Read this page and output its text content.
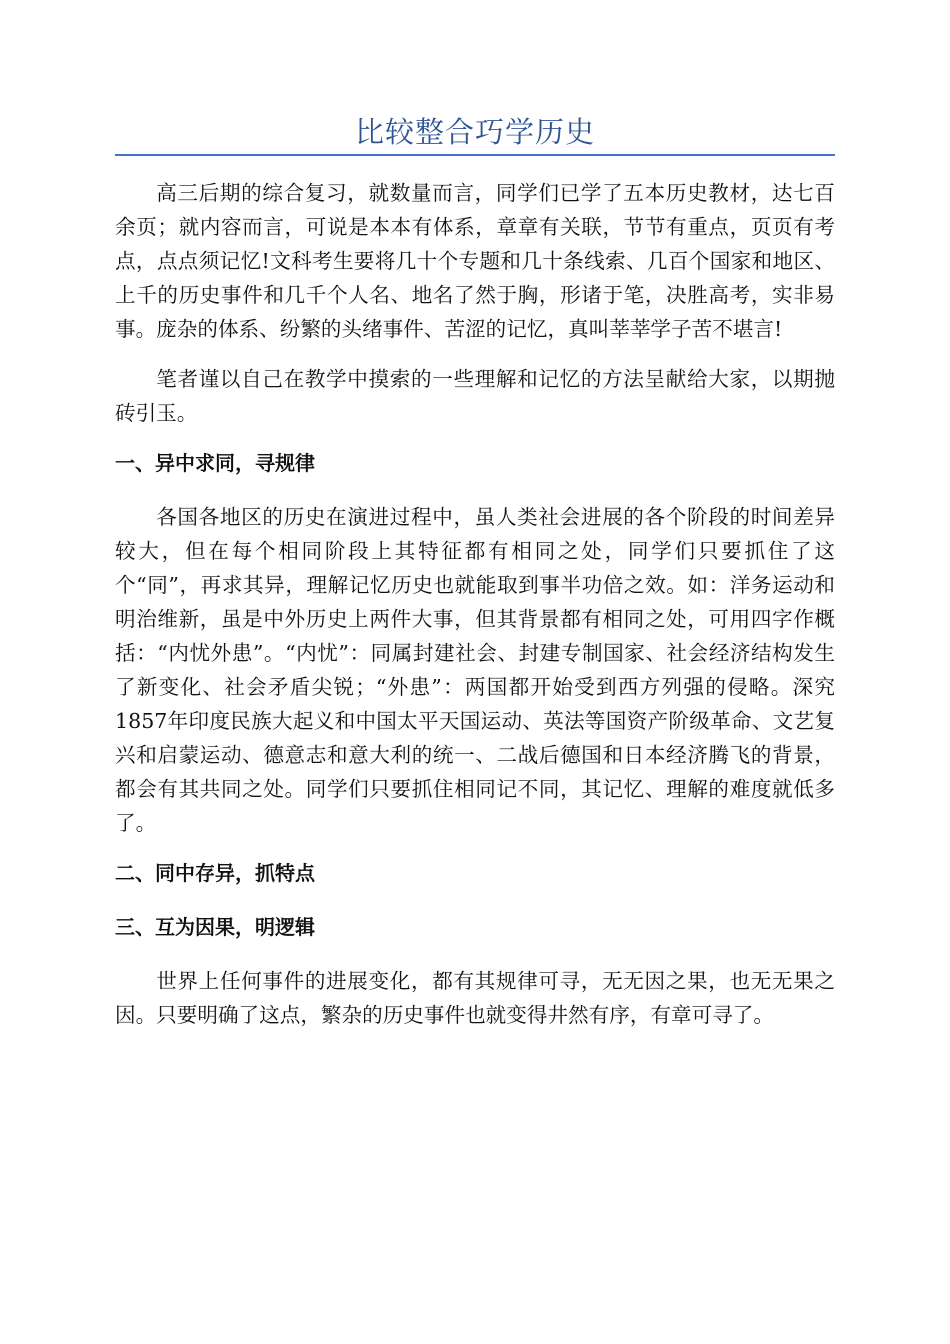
比较整合巧学历史

高三后期的综合复习，就数量而言，同学们已学了五本历史教材，达七百余页；就内容而言，可说是本本有体系，章章有关联，节节有重点，页页有考点，点点须记忆!文科考生要将几十个专题和几十条线索、几百个国家和地区、上千的历史事件和几千个人名、地名了然于胸，形诸于笔，决胜高考，实非易事。庞杂的体系、纷繁的头绪事件、苦涩的记忆，真叫莘莘学子苦不堪言!

笔者谨以自己在教学中摸索的一些理解和记忆的方法呈献给大家，以期抛砖引玉。

一、异中求同，寻规律

各国各地区的历史在演进过程中，虽人类社会进展的各个阶段的时间差异较大，但在每个相同阶段上其特征都有相同之处，同学们只要抓住了这个“同”，再求其异，理解记忆历史也就能取到事半功倍之效。如：洋务运动和明治维新，虽是中外历史上两件大事，但其背景都有相同之处，可用四字作概括：“内忧外患”。“内忧”：同属封建社会、封建专制国家、社会经济结构发生了新变化、社会矛盾尖锐；“外患”：两国都开始受到西方列强的侵略。深究1857年印度民族大起义和中国太平天国运动、英法等国资产阶级革命、文艺复兴和启蒙运动、德意志和意大利的统一、二战后德国和日本经济腾飞的背景，都会有其共同之处。同学们只要抓住相同记不同，其记忆、理解的难度就低多了。

二、同中存异，抓特点
三、互为因果，明逻辑

世界上任何事件的进展变化，都有其规律可寻，无无因之果，也无无果之因。只要明确了这点，繁杂的历史事件也就变得井然有序，有章可寻了。
